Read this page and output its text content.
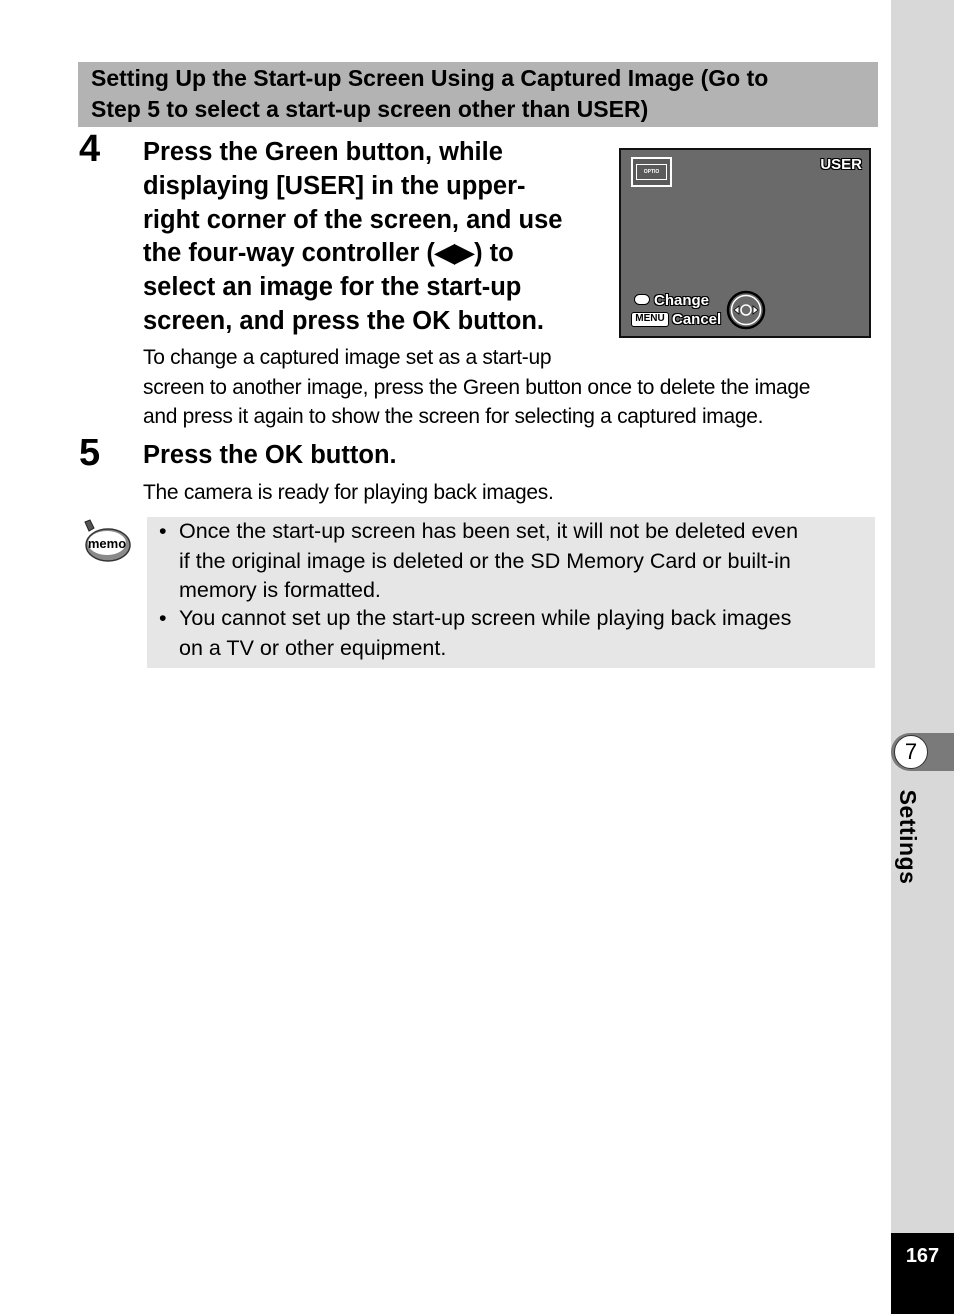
7
Settings
167
Setting Up the Start-up Screen Using a Captured Image (Go to
Step 5 to select a start-up screen other than USER)
4 Press the Green button, while
displaying [USER] in the upper-
right corner of the screen, and use
the four-way controller (◀▶) to
select an image for the start-up
screen, and press the OK button.
OPTIO	USER
Change
MENU Cancel
To change a captured image set as a start-up
screen to another image, press the Green button once to delete the image
and press it again to show the screen for selecting a captured image.
5 Press the OK button.
The camera is ready for playing back images.
memo
• Once the start-up screen has been set, it will not be deleted even
if the original image is deleted or the SD Memory Card or built-in
memory is formatted.
• You cannot set up the start-up screen while playing back images
on a TV or other equipment.
